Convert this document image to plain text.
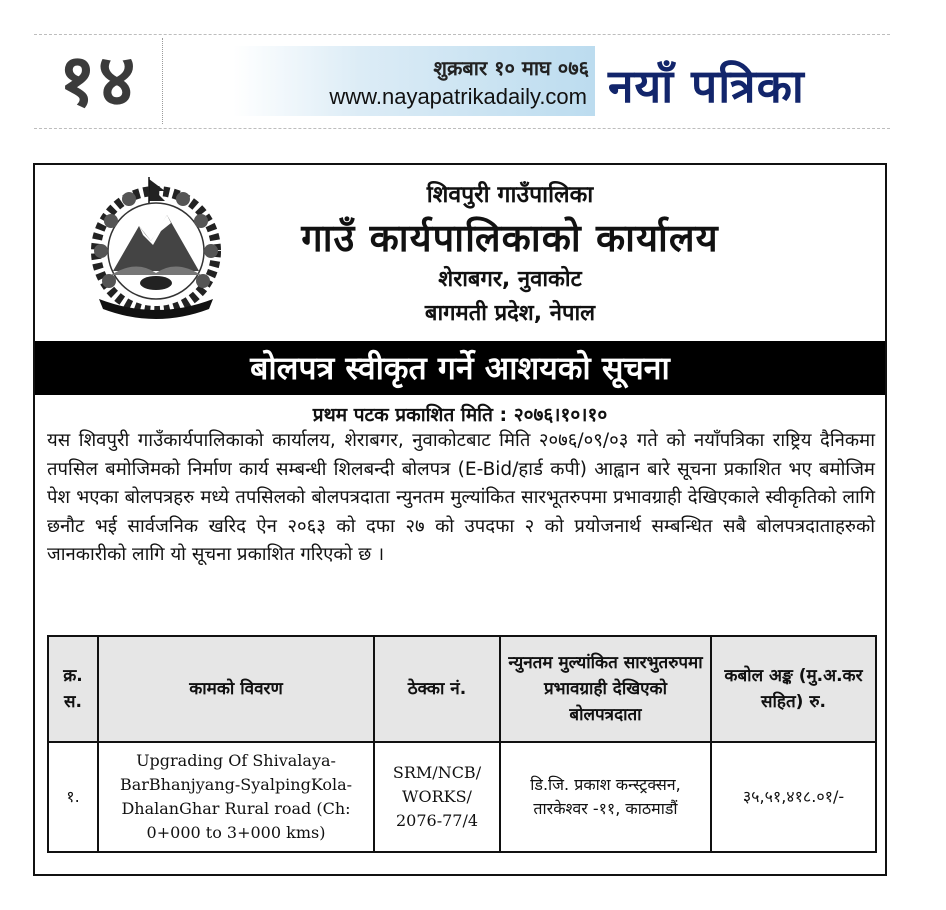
१४	शुक्रबार १० माघ ०७६
www.nayapatrikadaily.com नयाँ पत्रिका
शिवपुरी गाउँपालिका
गाउँ कार्यपालिकाको कार्यालय
शेराबगर, नुवाकोट
बागमती प्रदेश, नेपाल
बोलपत्र स्वीकृत गर्ने आशयको सूचना
प्रथम पटक प्रकाशित मिति : २०७६।१०।१०
यस शिवपुरी गाउँकार्यपालिकाको कार्यालय, शेराबगर, नुवाकोटबाट मिति २०७६/०९/०३ गते को नयाँपत्रिका राष्ट्रिय दैनिकमा तपसिल बमोजिमको निर्माण कार्य सम्बन्धी शिलबन्दी बोलपत्र (E-Bid/हार्ड कपी) आह्वान बारे सूचना प्रकाशित भए बमोजिम पेश भएका बोलपत्रहरु मध्ये तपसिलको बोलपत्रदाता न्युनतम मुल्यांकित सारभूतरुपमा प्रभावग्राही देखिएकाले स्वीकृतिको लागि छनौट भई सार्वजनिक खरिद ऐन २०६३ को दफा २७ को उपदफा २ को प्रयोजनार्थ सम्बन्धित सबै बोलपत्रदाताहरुको जानकारीको लागि यो सूचना प्रकाशित गरिएको छ ।
क्र. स.	कामको विवरण	ठेक्का नं.	न्युनतम मुल्यांकित सारभुतरुपमा प्रभावग्राही देखिएको बोलपत्रदाता	कबोल अङ्क (मु.अ.कर सहित) रु.
१.	Upgrading Of Shivalaya-BarBhanjyang-SyalpingKola-DhalanGhar Rural road (Ch: 0+000 to 3+000 kms)	SRM/NCB/ WORKS/ 2076-77/4	डि.जि. प्रकाश कन्स्ट्रक्सन, तारकेश्वर -११, काठमाडौं	३५,५१,४१८.०१/-
